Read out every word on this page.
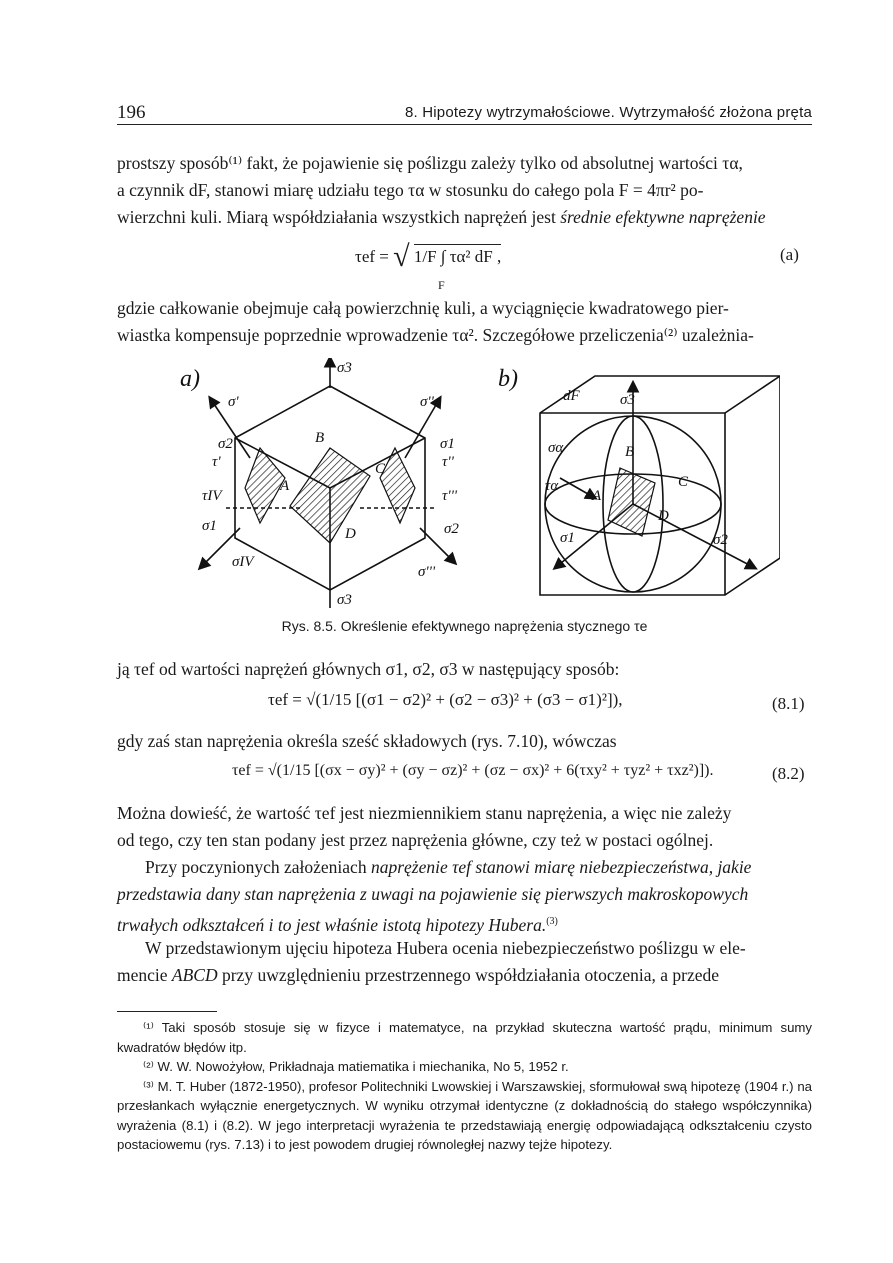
196	8. Hipotezy wytrzymałościowe. Wytrzymałość złożona pręta
prostszy sposób⁽¹⁾ fakt, że pojawienie się poślizgu zależy tylko od absolutnej wartości τα,
a czynnik dF, stanowi miarę udziału tego τα w stosunku do całego pola F = 4πr² po-
wierzchni kuli. Miarą współdziałania wszystkich naprężeń jest średnie efektywne naprężenie
τef = √ 1/F ∫ τα² dF ,
F
(a)
gdzie całkowanie obejmuje całą powierzchnię kuli, a wyciągnięcie kwadratowego pier-
wiastka kompensuje poprzednie wprowadzenie τα². Szczegółowe przeliczenia⁽²⁾ uzależnia-
a)	σ3
σ'	σ''
σ2	σ1
τ'	τ''
τIV	τ'''
σ1	σ2
σIV
σ'''
σ3
A
B
C
D
b)
dF	σ3
σα
τα
B
C
A
D
σ1	σ2
Rys. 8.5. Określenie efektywnego naprężenia stycznego τe
ją τef od wartości naprężeń głównych σ1, σ2, σ3 w następujący sposób:
τef = √(1/15 [(σ1 − σ2)² + (σ2 − σ3)² + (σ3 − σ1)²]),	(8.1)
gdy zaś stan naprężenia określa sześć składowych (rys. 7.10), wówczas
τef = √(1/15 [(σx − σy)² + (σy − σz)² + (σz − σx)² + 6(τxy² + τyz² + τxz²)]).	(8.2)
Można dowieść, że wartość τef jest niezmiennikiem stanu naprężenia, a więc nie zależy
od tego, czy ten stan podany jest przez naprężenia główne, czy też w postaci ogólnej.
Przy poczynionych założeniach naprężenie τef stanowi miarę niebezpieczeństwa, jakie
przedstawia dany stan naprężenia z uwagi na pojawienie się pierwszych makroskopowych
trwałych odkształceń i to jest właśnie istotą hipotezy Hubera.$^{(3)}$
W przedstawionym ujęciu hipoteza Hubera ocenia niebezpieczeństwo poślizgu w ele-
mencie ABCD przy uwzględnieniu przestrzennego współdziałania otoczenia, a przede
⁽¹⁾ Taki sposób stosuje się w fizyce i matematyce, na przykład skuteczna wartość prądu, minimum sumy kwadratów błędów itp.
⁽²⁾ W. W. Nowożyłow, Prikładnaja matiematika i miechanika, No 5, 1952 r.
⁽³⁾ M. T. Huber (1872-1950), profesor Politechniki Lwowskiej i Warszawskiej, sformułował swą hipotezę (1904 r.) na przesłankach wyłącznie energetycznych. W wyniku otrzymał identyczne (z dokładnością do stałego współczynnika) wyrażenia (8.1) i (8.2). W jego interpretacji wyrażenia te przedstawiają energię odpowiadającą odkształceniu czysto postaciowemu (rys. 7.13) i to jest powodem drugiej równoległej nazwy tejże hipotezy.
